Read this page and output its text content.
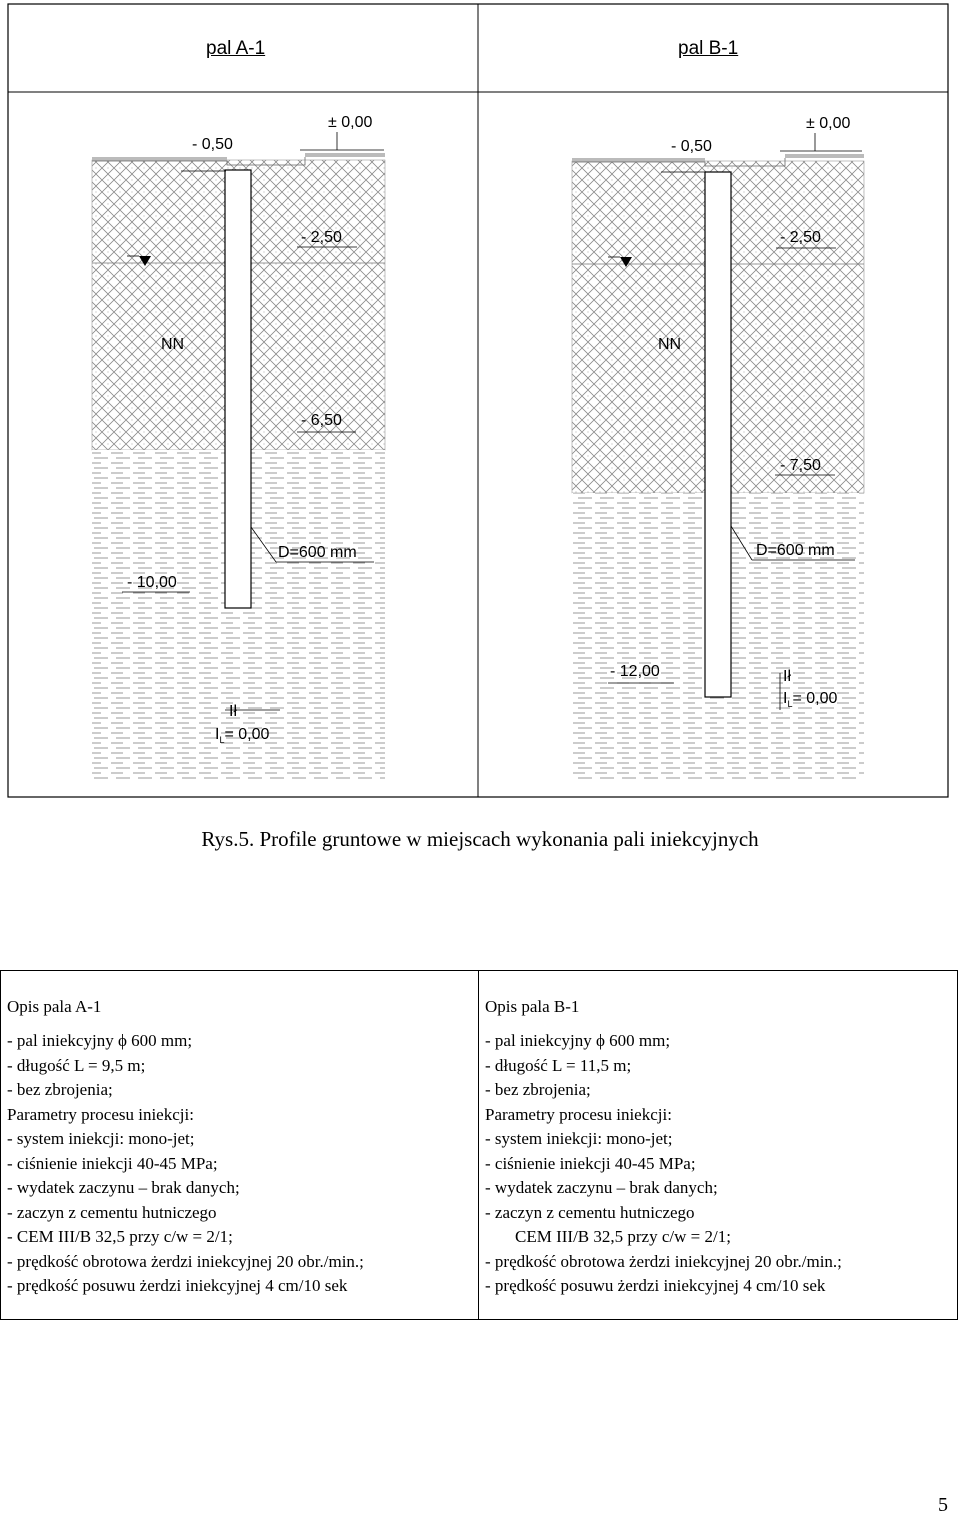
pal A-1	pal B-1
± 0,00
- 0,50
- 2,50
NN
- 6,50
D=600 mm
- 10,00
Ił
$I_L= 0,00$
± 0,00
- 0,50
- 2,50
NN
- 7,50
D=600 mm
- 12,00	Ił
$I_L= 0,00$
Rys.5. Profile gruntowe w miejscach wykonania pali iniekcyjnych
Opis pala A-1
- pal iniekcyjny ϕ 600 mm;
- długość L = 9,5 m;
- bez zbrojenia;
Parametry procesu iniekcji:
- system iniekcji: mono-jet;
- ciśnienie iniekcji 40-45 MPa;
- wydatek zaczynu – brak danych;
- zaczyn z cementu hutniczego
- CEM III/B 32,5 przy c/w = 2/1;
- prędkość obrotowa żerdzi iniekcyjnej 20 obr./min.;
- prędkość posuwu żerdzi iniekcyjnej 4 cm/10 sek
Opis pala B-1
- pal iniekcyjny ϕ 600 mm;
- długość L = 11,5 m;
- bez zbrojenia;
Parametry procesu iniekcji:
- system iniekcji: mono-jet;
- ciśnienie iniekcji 40-45 MPa;
- wydatek zaczynu – brak danych;
- zaczyn z cementu hutniczego
CEM III/B 32,5 przy c/w = 2/1;
- prędkość obrotowa żerdzi iniekcyjnej 20 obr./min.;
- prędkość posuwu żerdzi iniekcyjnej 4 cm/10 sek
5
